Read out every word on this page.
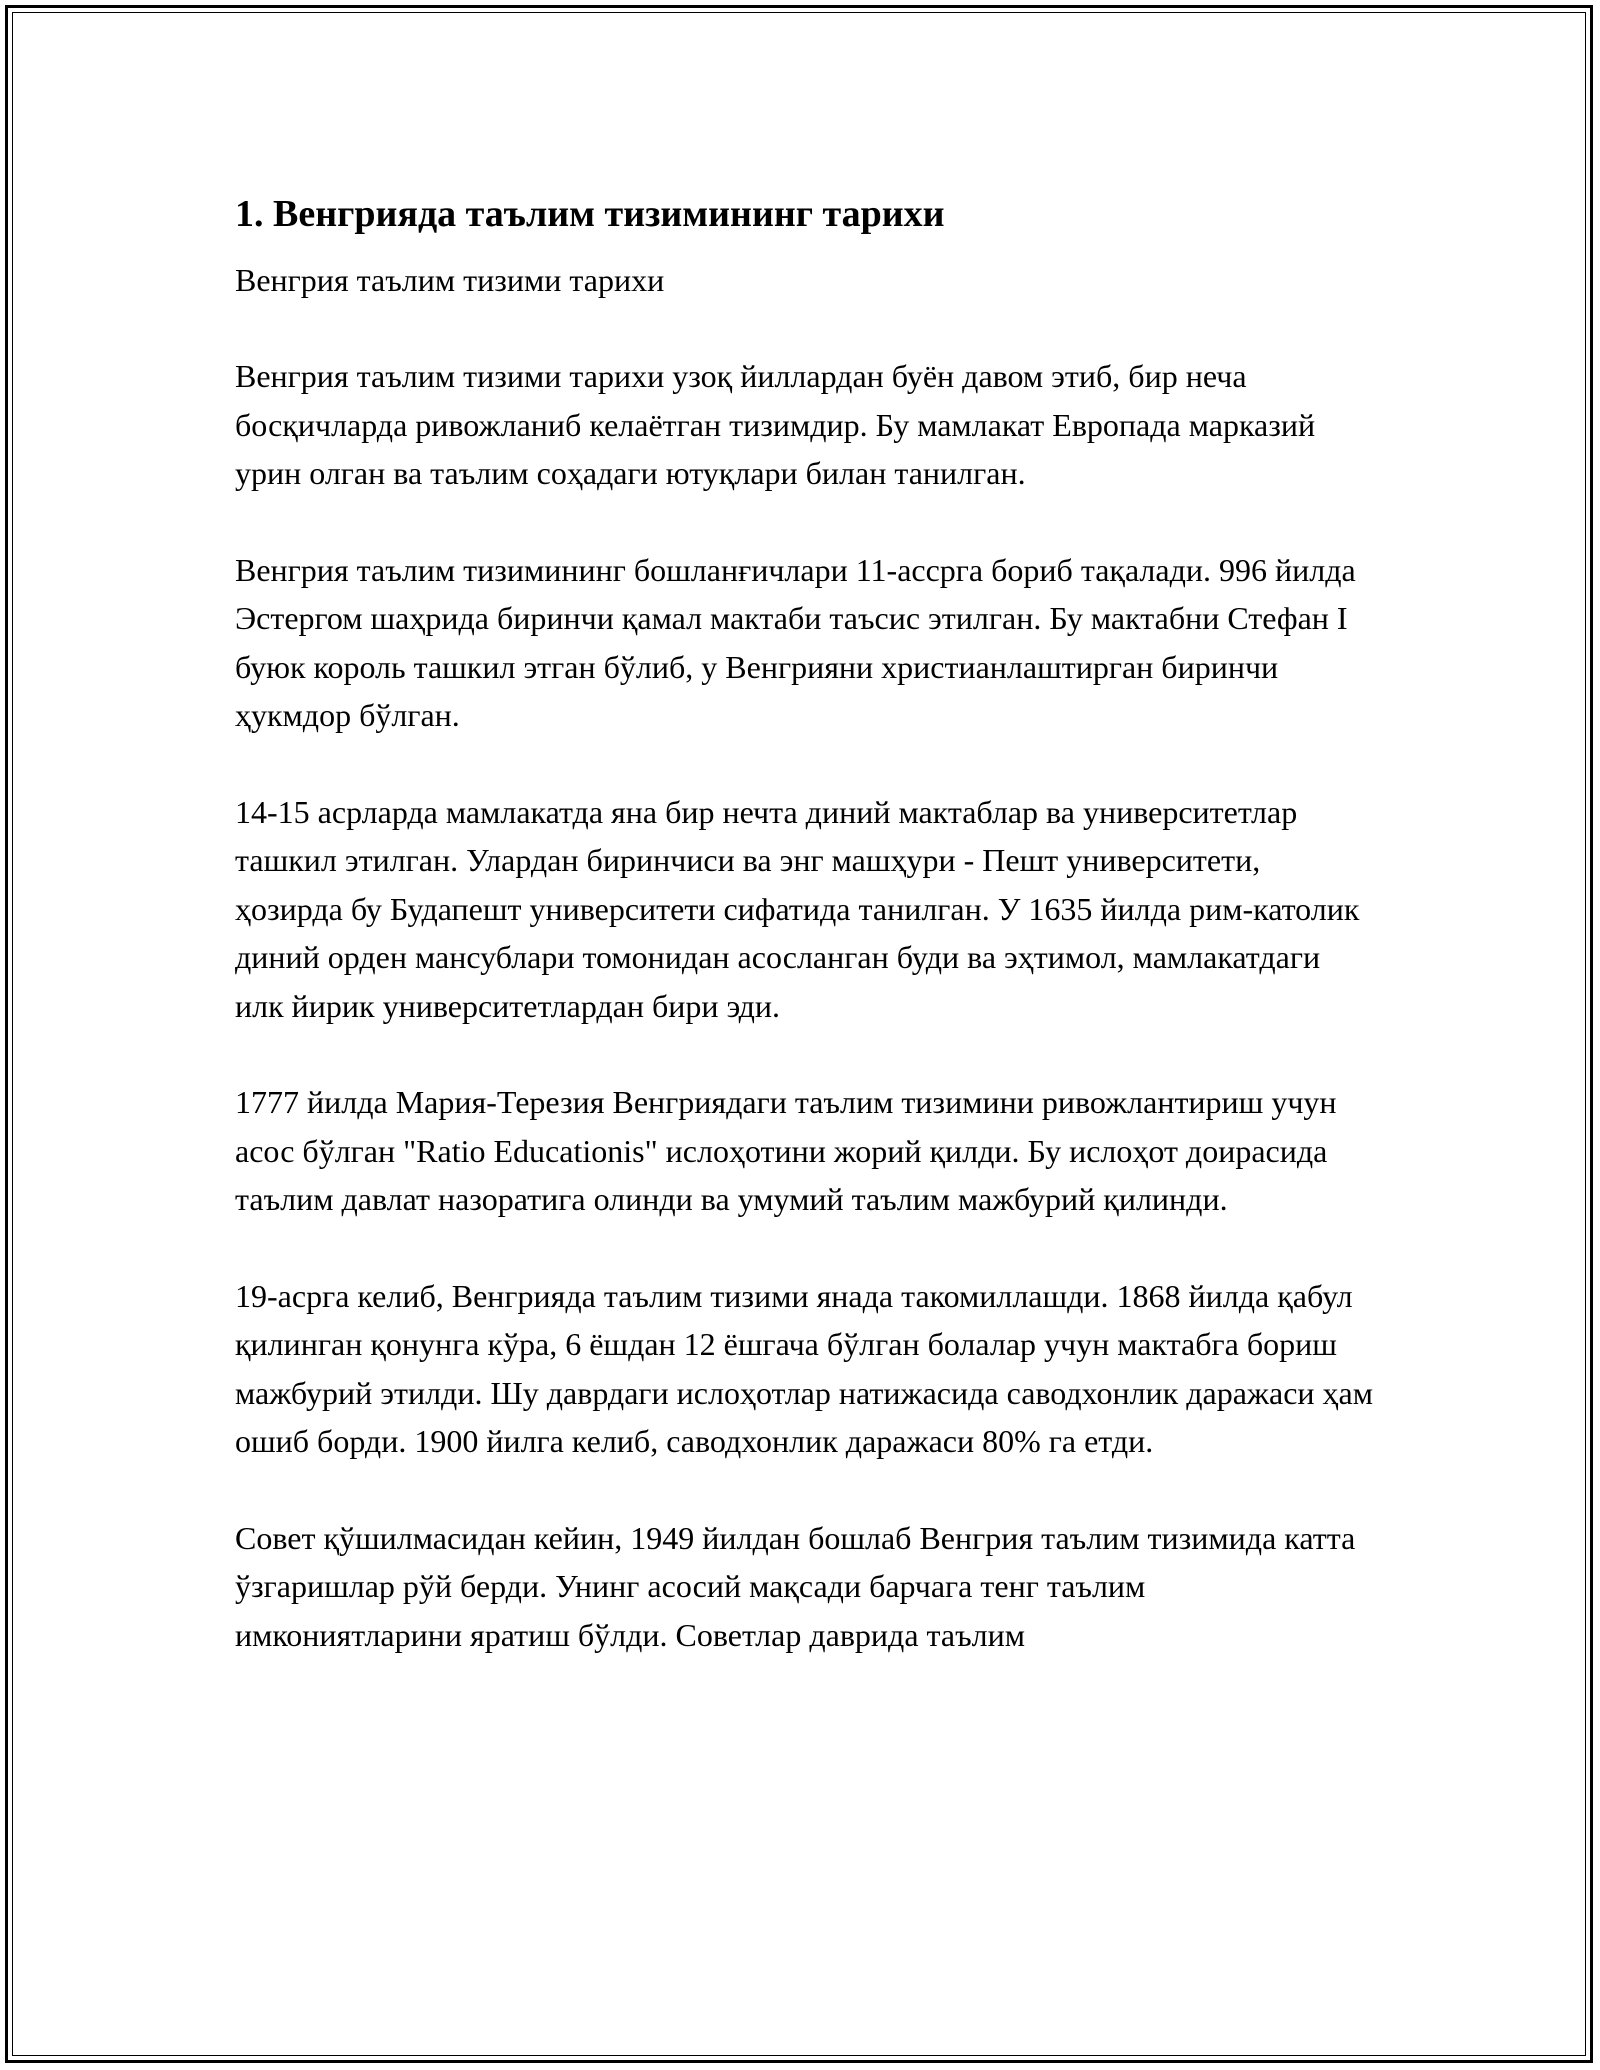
1. Венгрияда таълим тизимининг тарихи

Венгрия таълим тизими тарихи

Венгрия таълим тизими тарихи узоқ йиллардан буён давом этиб, бир неча босқичларда ривожланиб келаётган тизимдир. Бу мамлакат Европада марказий урин олган ва таълим соҳадаги ютуқлари билан танилган.

Венгрия таълим тизимининг бошланғичлари 11-ассрга бориб тақалади. 996 йилда Эстергом шаҳрида биринчи қамал мактаби таъсис этилган. Бу мактабни Стефан I буюк король ташкил этган бўлиб, у Венгрияни христианлаштирган биринчи ҳукмдор бўлган.

14-15 асрларда мамлакатда яна бир нечта диний мактаблар ва университетлар ташкил этилган. Улардан биринчиси ва энг машҳури - Пешт университети, ҳозирда бу Будапешт университети сифатида танилган. У 1635 йилда рим-католик диний орден мансублари томонидан асосланган буди ва эҳтимол, мамлакатдаги илк йирик университетлардан бири эди.

1777 йилда Мария-Терезия Венгриядаги таълим тизимини ривожлантириш учун асос бўлган "Ratio Educationis" ислоҳотини жорий қилди. Бу ислоҳот доирасида таълим давлат назоратига олинди ва умумий таълим мажбурий қилинди.

19-асрга келиб, Венгрияда таълим тизими янада такомиллашди. 1868 йилда қабул қилинган қонунга кўра, 6 ёшдан 12 ёшгача бўлган болалар учун мактабга бориш мажбурий этилди. Шу даврдаги ислоҳотлар натижасида саводхонлик даражаси ҳам ошиб борди. 1900 йилга келиб, саводхонлик даражаси 80% га етди.

Совет қўшилмасидан кейин, 1949 йилдан бошлаб Венгрия таълим тизимида катта ўзгаришлар рўй берди. Унинг асосий мақсади барчага тенг таълим имкониятларини яратиш бўлди. Советлар даврида таълим
